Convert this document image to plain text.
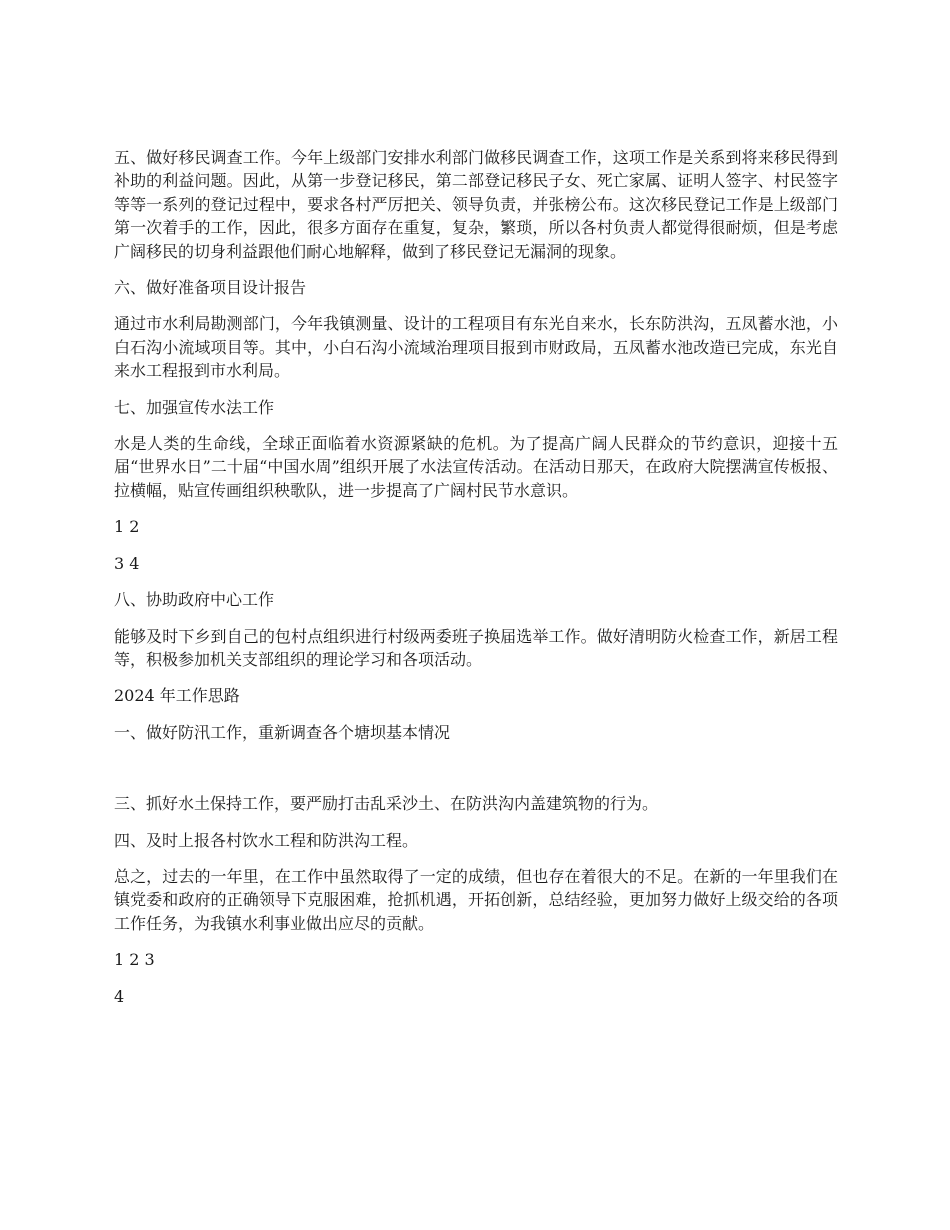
五、做好移民调查工作。今年上级部门安排水利部门做移民调查工作，这项工作是关系到将来移民得到补助的利益问题。因此，从第一步登记移民，第二部登记移民子女、死亡家属、证明人签字、村民签字等等一系列的登记过程中，要求各村严厉把关、领导负责，并张榜公布。这次移民登记工作是上级部门第一次着手的工作，因此，很多方面存在重复，复杂，繁琐，所以各村负责人都觉得很耐烦，但是考虑广阔移民的切身利益跟他们耐心地解释，做到了移民登记无漏洞的现象。

六、做好准备项目设计报告

通过市水利局勘测部门，今年我镇测量、设计的工程项目有东光自来水，长东防洪沟，五凤蓄水池，小白石沟小流域项目等。其中，小白石沟小流域治理项目报到市财政局，五凤蓄水池改造已完成，东光自来水工程报到市水利局。

七、加强宣传水法工作

水是人类的生命线，全球正面临着水资源紧缺的危机。为了提高广阔人民群众的节约意识，迎接十五届“世界水日”二十届“中国水周”组织开展了水法宣传活动。在活动日那天，在政府大院摆满宣传板报、拉横幅，贴宣传画组织秧歌队，进一步提高了广阔村民节水意识。

1 2

3 4

八、协助政府中心工作

能够及时下乡到自己的包村点组织进行村级两委班子换届选举工作。做好清明防火检查工作，新居工程等，积极参加机关支部组织的理论学习和各项活动。

2024 年工作思路

一、做好防汛工作，重新调查各个塘坝基本情况

三、抓好水土保持工作，要严励打击乱采沙土、在防洪沟内盖建筑物的行为。

四、及时上报各村饮水工程和防洪沟工程。

总之，过去的一年里，在工作中虽然取得了一定的成绩，但也存在着很大的不足。在新的一年里我们在镇党委和政府的正确领导下克服困难，抢抓机遇，开拓创新，总结经验，更加努力做好上级交给的各项工作任务，为我镇水利事业做出应尽的贡献。

1 2 3

4
